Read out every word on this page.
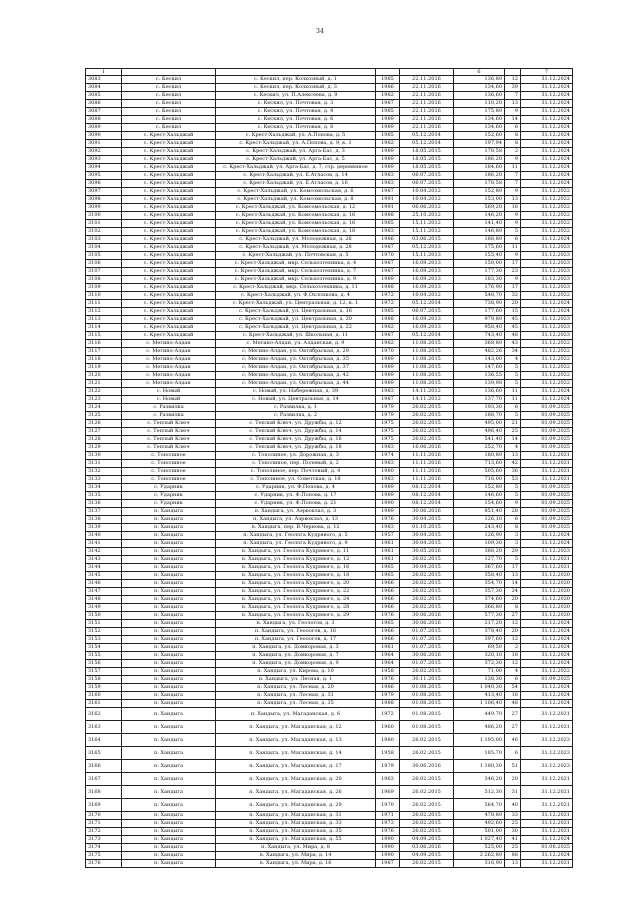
34
1					6		7
3083	с. Кескил	с. Кескил, пер. Колхозный, д. 1	1985	22.11.2016	136,80	12	31.12.2024
3084	с. Кескил	с. Кескил, пер. Колхозный, д. 3	1986	22.11.2016	134,60	39	31.12.2024
3085	с. Кескил	с. Кескил, ул. П.Алексеева, д. 9	1982	22.11.2016	136,60	7	31.12.2024
3086	с. Кескил	с. Кескил, ул. Почтовая, д. 3	1987	22.11.2016	110,20	13	31.12.2024
3087	с. Кескил	с. Кескил, ул. Почтовая, д. 4	1985	22.11.2016	175,80	9	31.12.2024
3088	с. Кескил	с. Кескил, ул. Почтовая, д. 6	1989	22.11.2016	134,60	14	31.12.2024
3089	с. Кескил	с. Кескил, ул. Почтовая, д. 8	1989	22.11.2016	134,60	6	31.12.2024
3090	с. Крест-Хальджай	с. Крест-Хальджай, ул. А.Попова, д. 5	1985	05.12.2014	152,60	8	31.12.2024
3091	с. Крест-Хальджай	с. Крест-Хальджай, ул. А.Попова, д. 9, к. 1	1982	05.12.2014	197,94	8	31.12.2024
3092	с. Крест-Хальджай	с. Крест-Хальджай, ул. Арга-Бас, д. 3	1989	18.05.2015	178,58	2	31.12.2024
3093	с. Крест-Хальджай	с. Крест-Хальджай, ул. Арга-Бас, д. 5	1989	18.05.2015	186,20	9	31.12.2024
3094	с. Крест-Хальджай	с. Крест-Хальджай, ул. Арга-Бас, д. 7, стр. деревянное	1989	18.05.2015	184,60	11	31.12.2024
3095	с. Крест-Хальджай	с. Крест-Хальджай, ул. Е.Атласов, д. 14	1983	06.07.2015	186,20	7	31.12.2024
3096	с. Крест-Хальджай	с. Крест-Хальджай, ул. Е.Атласов, д. 16	1983	06.07.2015	178,58	7	31.12.2024
3097	с. Крест-Хальджай	с. Крест-Хальджай, ул. Комсомольская, д. 6	1987	10.04.2012	152,80	9	31.12.2022
3098	с. Крест-Хальджай	с. Крест-Хальджай, ул. Комсомольская, д. 8	1991	10.04.2012	153,00	13	31.12.2022
3099	с. Крест-Хальджай	с. Крест-Хальджай, ул. Комсомольская, д. 12	1991	06.06.2012	569,20	16	31.12.2022
3100	с. Крест-Хальджай	с. Крест-Хальджай, ул. Комсомольская, д. 16	1988	25.10.2012	146,20	9	31.12.2022
3101	с. Крест-Хальджай	с. Крест-Хальджай, ул. Комсомольская, д. 16	1985	15.11.2012	141,40	9	31.12.2022
3102	с. Крест-Хальджай	с. Крест-Хальджай, ул. Комсомольская, д. 18	1983	15.11.2012	146,80	5	31.12.2022
3103	с. Крест-Хальджай	с. Крест-Хальджай, ул. Молодежная, д. 26	1986	03.06.2015	188,80	6	31.12.2024
3104	с. Крест-Хальджай	с. Крест-Хальджай, ул. Молодежная, д. 28	1987	05.12.2013	175,60	11	31.12.2023
3105	с. Крест-Хальджай	с. Крест-Хальджай, ул. Почтовская, д. 5	1970	15.11.2013	155,40	9	31.12.2023
3106	с. Крест-Хальджай	с. Крест-Хальджай, мкр. Сельхозтехника, д. 4	1987	16.09.2013	150,00	17	31.12.2023
3107	с. Крест-Хальджай	с. Крест-Хальджай, мкр. Сельхозтехника, д. 7	1987	16.09.2013	177,30	23	31.12.2023
3108	с. Крест-Хальджай	с. Крест-Хальджай, мкр. Сельхозтехника, д. 9	1989	16.09.2013	183,30	9	31.12.2023
3109	с. Крест-Хальджай	с. Крест-Хальджай, мкр. Сельхозтехника, д. 11	1988	16.09.2013	176,90	17	31.12.2023
3110	с. Крест-Хальджай	с. Крест-Хальджай, ул. Ф.Охлопкова, д. 4	1972	10.04.2012	548,70	32	31.12.2022
3111	с. Крест-Хальджай	с. Крест-Хальджай, ул. Центральная, д. 12, к. 1	1972	05.12.2014	738,90	20	31.12.2024
3112	с. Крест-Хальджай	с. Крест-Хальджай, ул. Центральная, д. 16	1985	06.07.2015	177,60	15	31.12.2024
3113	с. Крест-Хальджай	с. Крест-Хальджай, ул. Центральная, д. 20	1988	16.09.2013	979,80	45	31.12.2023
3114	с. Крест-Хальджай	с. Крест-Хальджай, ул. Центральная, д. 22	1982	16.09.2013	958,40	45	31.12.2023
3115	с. Крест-Хальджай	с. Крест-Хальджай, ул. Школьная, д. 11	1987	05.12.2014	743,40	48	31.12.2023
3116	с. Мегино-Алдан	с. Мегино-Алдан, ул. Алданская, д. 9	1982	11.08.2015	368,80	43	31.12.2022
3117	с. Мегино-Алдан	с. Мегино-Алдан, ул. Октябрьская, д. 29	1970	11.08.2015	482,26	34	31.12.2022
3118	с. Мегино-Алдан	с. Мегино-Алдан, ул. Октябрьская, д. 35	1989	11.08.2015	143,00	4	31.12.2022
3119	с. Мегино-Алдан	с. Мегино-Алдан, ул. Октябрьская, д. 37	1989	11.08.2015	147,60	5	31.12.2022
3120	с. Мегино-Алдан	с. Мегино-Алдан, ул. Октябрьская, д. 42	1989	11.08.2015	136,55	5	31.12.2022
3121	с. Мегино-Алдан	с. Мегино-Алдан, ул. Октябрьская, д. 44	1989	11.08.2015	139,98	5	31.12.2022
3122	с. Новый	с. Новый, ул. Набережная, д. 39	1983	14.11.2012	136,60	11	31.12.2024
3123	с. Новый	с. Новый, ул. Центральная, д. 14	1987	14.11.2012	137,70	11	31.12.2024
3124	с. Развилка	с. Развилка, д. 1	1979	26.02.2015	193,30	6	01.09.2025
3125	с. Развилка	с. Развилка, д. 2	1979	26.02.2015	188,70	5	01.09.2025
3126	с. Теплый Ключ	с. Теплый Ключ, ул. Дружбы, д. 12	1975	26.02.2015	495,00	21	01.09.2025
3127	с. Теплый Ключ	с. Теплый Ключ, ул. Дружбы, д. 14	1975	26.02.2015	496,40	25	01.09.2025
3128	с. Теплый Ключ	с. Теплый Ключ, ул. Дружбы, д. 16	1975	26.02.2015	541,40	14	01.09.2025
3129	с. Теплый Ключ	с. Теплый Ключ, ул. Дружбы, д. 18	1983	16.06.2016	252,70	4	01.09.2025
3130	с. Тополиное	с. Тополиное, ул. Дорожная, д. 3	1974	11.11.2016	180,80	13	31.12.2021
3131	с. Тополиное	с. Тополиное, пер. Полевый, д. 2	1983	11.11.2016	713,60	42	31.12.2021
3132	с. Тополиное	с. Тополиное, пер. Почтовый, д. 4	1980	11.11.2016	505,60	36	31.12.2021
3133	с. Тополиное	с. Тополиное, ул. Советская, д. 18	1983	11.11.2016	716,00	53	31.12.2021
3134	с. Ударник	с. Ударник, ул. Ф.Попова, д. 4	1989	08.12.2014	152,80	5	01.09.2025
3135	с. Ударник	с. Ударник, ул. Ф.Попова, д. 17	1989	08.12.2014	146,60	5	01.09.2025
3136	с. Ударник	с. Ударник, ул. Ф.Попова, д. 21	1990	08.12.2014	154,60	9	01.09.2025
3137	п. Хандыга	п. Хандыга, ул. Аэрвокзал, д. 3	1989	30.06.2016	851,40	28	01.09.2025
3138	п. Хандыга	п. Хандыга, ул. Аэрвокзал, д. 13	1976	30.04.2015	126,10	6	01.09.2025
3139	п. Хандыга	п. Хандыга, пер. В.Чернова, д. 12	1983	01.10.2015	243,40	8	01.09.2025
3140	п. Хандыга	п. Хандыга, ул. Геолога Кудрявого, д. 5	1957	30.04.2015	126,90	3	31.12.2024
3141	п. Хандыга	п. Хандыга, ул. Геолога Кудрявого, д. 9	1961	30.04.2015	109,30	3	31.12.2024
3142	п. Хандыга	п. Хандыга, ул. Геолога Кудрявого, д. 11	1961	30.05.2016	388,20	29	31.12.2023
3143	п. Хандыга	п. Хандыга, ул. Геолога Кудрявого, д. 12	1961	26.02.2015	127,70	5	31.12.2021
3144	п. Хандыга	п. Хандыга, ул. Геолога Кудрявого, д. 16	1965	30.04.2015	367,60	17	31.12.2021
3145	п. Хандыга	п. Хандыга, ул. Геолога Кудрявого, д. 18	1965	26.02.2015	358,40	13	31.12.2020
3146	п. Хандыга	п. Хандыга, ул. Геолога Кудрявого, д. 20	1966	26.02.2015	354,70	14	31.12.2020
3147	п. Хандыга	п. Хандыга, ул. Геолога Кудрявого, д. 22	1966	26.02.2015	357,30	24	31.12.2020
3148	п. Хандыга	п. Хандыга, ул. Геолога Кудрявого, д. 24	1966	26.02.2015	374,60	20	31.12.2020
3149	п. Хандыга	п. Хандыга, ул. Геолога Кудрявого, д. 28	1966	26.02.2015	366,80	8	31.12.2020
3150	п. Хандыга	п. Хандыга, ул. Геолога Кудрявого, д. 29	1976	30.06.2016	577,30	27	31.12.2020
3151	п. Хандыга	п. Хандыга, ул. Геологов, д. 3	1965	30.06.2016	217,20	12	31.12.2024
3152	п. Хандыга	п. Хандыга, ул. Геологов, д. 16	1966	01.07.2015	378,40	20	31.12.2024
3153	п. Хандыга	п. Хандыга, ул. Геологов, д. 17	1966	01.07.2015	397,60	12	31.12.2024
3154	п. Хандыга	п. Хандыга, ул. Домкоровая, д. 3	1961	01.07.2015	69,50	2	31.12.2024
3155	п. Хандыга	п. Хандыга, ул. Домкоровая, д. 7	1964	30.06.2016	320,10	18	31.12.2024
3156	п. Хандыга	п. Хандыга, ул. Домкоровая, д. 9	1964	01.07.2015	372,30	12	31.12.2024
3157	п. Хандыга	п. Хандыга, ул. Кирова, д. 10	1958	26.02.2015	71,00	4	31.12.2022
3158	п. Хандыга	п. Хандыга, ул. Лесная, д. 1	1976	30.11.2015	138,30	6	01.09.2025
3159	п. Хандыга	п. Хандыга, ул. Лесная, д. 20	1986	01.08.2015	1 040,30	54	31.12.2024
3160	п. Хандыга	п. Хандыга, ул. Лесная, д. 31	1979	01.08.2015	413,40	16	31.12.2024
3161	п. Хандыга	п. Хандыга, ул. Лесная, д. 35	1988	01.08.2015	1 106,40	48	31.12.2024
3162	п. Хандыга	п. Хандыга, ул. Магаданская, д. 6	1972	01.08.2015	449,70	27	31.12.2021
3163	п. Хандыга	п. Хандыга, ул. Магаданская, д. 12	1960	01.08.2015	486,20	27	31.12.2021
3164	п. Хандыга	п. Хандыга, ул. Магаданская, д. 13	1980	26.02.2015	1 195,00	46	31.12.2023
3165	п. Хандыга	п. Хандыга, ул. Магаданская, д. 14	1958	26.02.2015	185,70	6	31.12.2023
3166	п. Хандыга	п. Хандыга, ул. Магаданская, д. 17	1979	30.06.2016	1 180,30	51	31.12.2023
3167	п. Хандыга	п. Хандыга, ул. Магаданская, д. 20	1963	26.02.2015	346,20	20	31.12.2021
3168	п. Хандыга	п. Хандыга, ул. Магаданская, д. 26	1969	26.02.2015	512,30	31	31.12.2021
3169	п. Хандыга	п. Хандыга, ул. Магаданская, д. 29	1970	26.02.2015	564,70	40	31.12.2021
3170	п. Хандыга	п. Хандыга, ул. Магаданская, д. 31	1971	26.02.2015	478,80	33	31.12.2021
3171	п. Хандыга	п. Хандыга, ул. Магаданская, д. 33	1973	26.02.2015	492,60	25	31.12.2021
3172	п. Хандыга	п. Хандыга, ул. Магаданская, д. 35	1976	26.02.2015	501,00	30	31.12.2021
3173	п. Хандыга	п. Хандыга, ул. Магаданская, д. 55	1990	04.09.2015	1 027,40	41	31.12.2024
3174	п. Хандыга	п. Хандыга, ул. Мира, д. 8	1990	03.06.2016	525,00	25	01.06.2025
3175	п. Хандыга	п. Хандыга, ул. Мира, д. 14	1990	04.09.2015	2 262,80	88	31.12.2024
3176	п. Хандыга	п. Хандыга, ул. Мира, д. 16	1987	26.02.2015	316,90	13	31.12.2021
